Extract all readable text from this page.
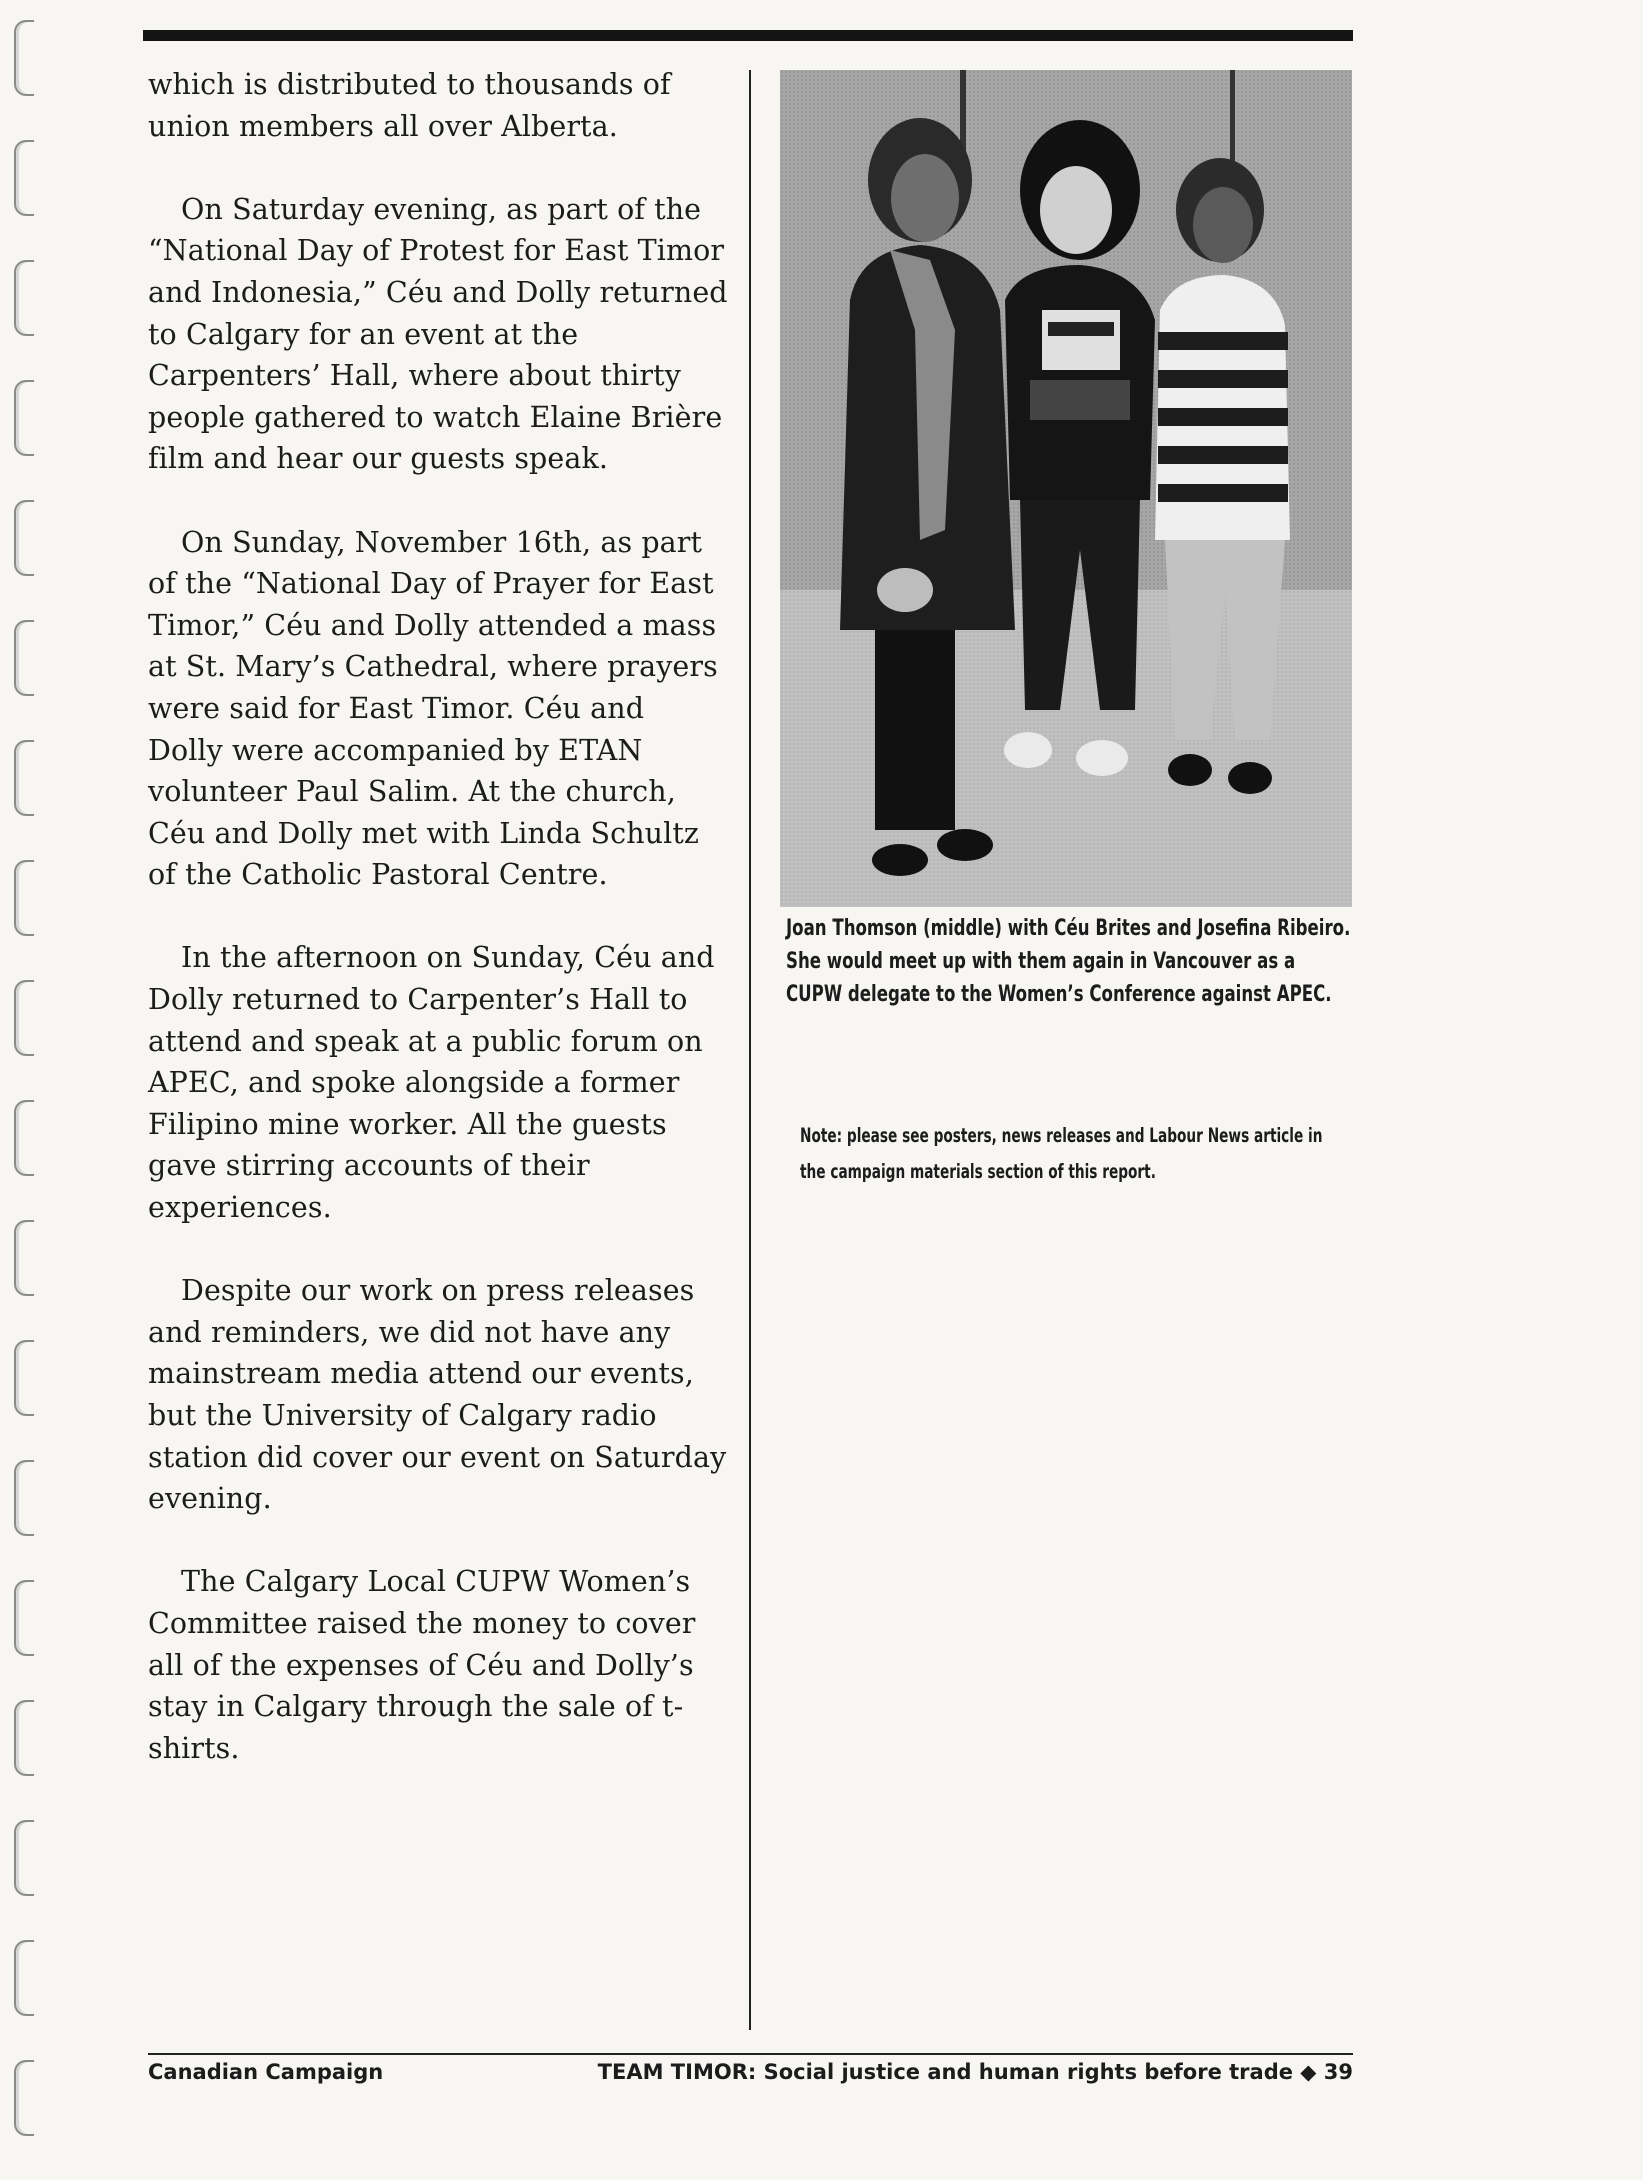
which is distributed to thousands of union members all over Alberta.

On Saturday evening, as part of the “National Day of Protest for East Timor and Indonesia,” Céu and Dolly returned to Calgary for an event at the Carpenters’ Hall, where about thirty people gathered to watch Elaine Brière film and hear our guests speak.

On Sunday, November 16th, as part of the “National Day of Prayer for East Timor,” Céu and Dolly attended a mass at St. Mary’s Cathedral, where prayers were said for East Timor. Céu and Dolly were accompanied by ETAN volunteer Paul Salim. At the church, Céu and Dolly met with Linda Schultz of the Catholic Pastoral Centre.

In the afternoon on Sunday, Céu and Dolly returned to Carpenter’s Hall to attend and speak at a public forum on APEC, and spoke alongside a former Filipino mine worker. All the guests gave stirring accounts of their experiences.

Despite our work on press releases and reminders, we did not have any mainstream media attend our events, but the University of Calgary radio station did cover our event on Saturday evening.

The Calgary Local CUPW Women’s Committee raised the money to cover all of the expenses of Céu and Dolly’s stay in Calgary through the sale of t-shirts.

Joan Thomson (middle) with Céu Brites and Josefina Ribeiro. She would meet up with them again in Vancouver as a CUPW delegate to the Women’s Conference against APEC.
Note: please see posters, news releases and Labour News article in the campaign materials section of this report.
Canadian Campaign	TEAM TIMOR: Social justice and human rights before trade ◆ 39
